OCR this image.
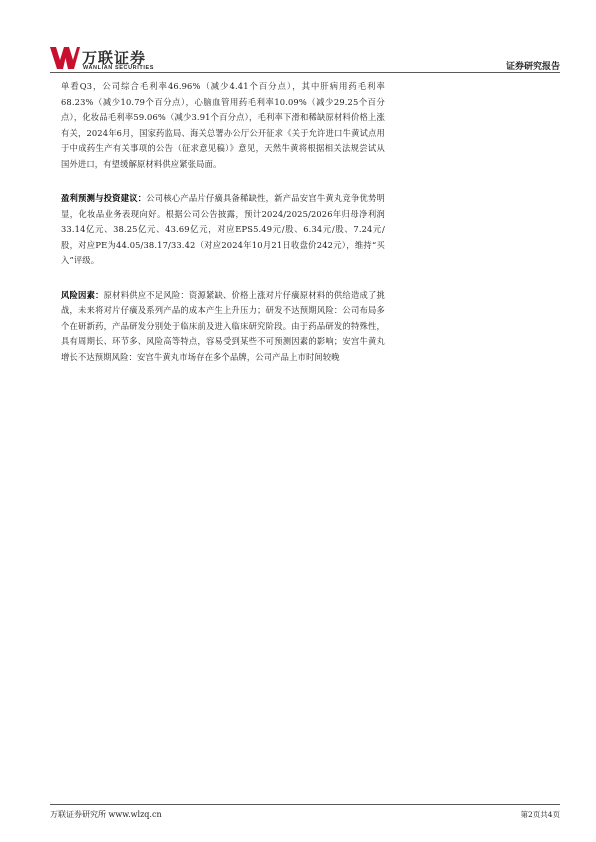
万联证券
WANLIAN SECURITIES	证券研究报告

单看Q3，公司综合毛利率46.96%（减少4.41个百分点），其中肝病用药毛利率68.23%（减少10.79个百分点），心脑血管用药毛利率10.09%（减少29.25个百分点），化妆品毛利率59.06%（减少3.91个百分点），毛利率下滑和稀缺原材料价格上涨有关，2024年6月，国家药监局、海关总署办公厅公开征求《关于允许进口牛黄试点用于中成药生产有关事项的公告（征求意见稿）》意见，天然牛黄将根据相关法规尝试从国外进口，有望缓解原材料供应紧张局面。

盈利预测与投资建议：公司核心产品片仔癀具备稀缺性，新产品安宫牛黄丸竞争优势明显，化妆品业务表现向好。根据公司公告披露，预计2024/2025/2026年归母净利润33.14亿元、38.25亿元、43.69亿元，对应EPS5.49元/股、6.34元/股、7.24元/股，对应PE为44.05/38.17/33.42（对应2024年10月21日收盘价242元），维持“买入”评级。

风险因素：原材料供应不足风险：资源紧缺、价格上涨对片仔癀原材料的供给造成了挑战，未来将对片仔癀及系列产品的成本产生上升压力；研发不达预期风险：公司布局多个在研新药，产品研发分别处于临床前及进入临床研究阶段。由于药品研发的特殊性，具有周期长、环节多、风险高等特点，容易受到某些不可预测因素的影响；安宫牛黄丸增长不达预期风险：安宫牛黄丸市场存在多个品牌，公司产品上市时间较晚

万联证券研究所 www.wlzq.cn	第2页共4页
